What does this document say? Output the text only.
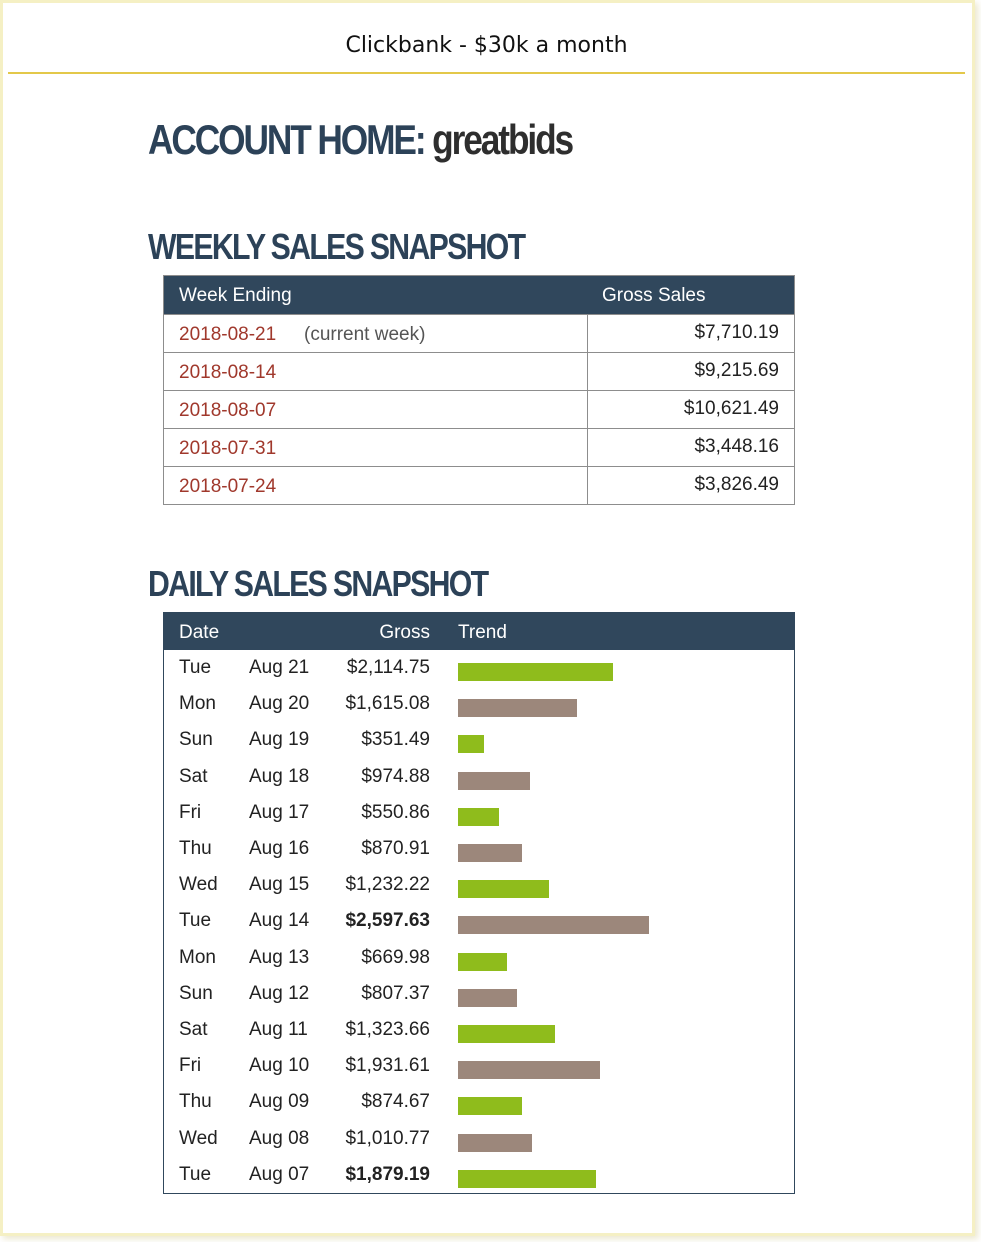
Clickbank - $30k a month
ACCOUNT HOME: greatbids
WEEKLY SALES SNAPSHOT
Week Ending	Gross Sales
2018-08-21 (current week)	$7,710.19
2018-08-14	$9,215.69
2018-08-07	$10,621.49
2018-07-31	$3,448.16
2018-07-24	$3,826.49
DAILY SALES SNAPSHOT
Date	Gross Trend
Tue Aug 21 $2,114.75
Mon Aug 20 $1,615.08
Sun Aug 19	$351.49
Sat Aug 18	$974.88
Fri	Aug 17	$550.86
Thu Aug 16	$870.91
Wed Aug 15 $1,232.22
Tue Aug 14 $2,597.63
Mon Aug 13	$669.98
Sun Aug 12	$807.37
Sat Aug 11 $1,323.66
Fri	Aug 10 $1,931.61
Thu Aug 09	$874.67
Wed Aug 08 $1,010.77
Tue Aug 07 $1,879.19
